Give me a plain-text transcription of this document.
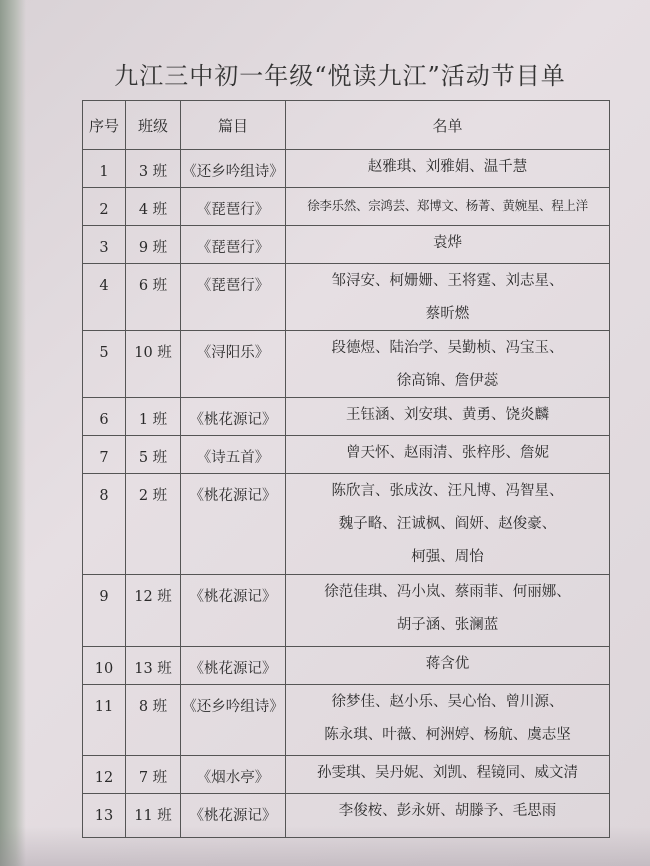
九江三中初一年级“悦读九江”活动节目单
序号	班级	篇目	名单

1	3 班	《还乡吟组诗》	赵雅琪、刘雅娟、温千慧

2	4 班	《琵琶行》	徐李乐然、宗鸿芸、郑博文、杨菁、黄婉星、程上洋

3	9 班	《琵琶行》	袁烨

4	6 班	《琵琶行》	邹浔安、柯姗姗、王将霆、刘志星、
蔡昕燃

5	10 班	《浔阳乐》	段德煜、陆治学、吴勤桢、冯宝玉、
徐高锦、詹伊蕊

6	1 班	《桃花源记》	王钰涵、刘安琪、黄勇、饶炎麟

7	5 班	《诗五首》	曾天怀、赵雨清、张梓彤、詹妮

8	2 班	《桃花源记》	陈欣言、张成汝、汪凡博、冯智星、
魏子略、汪诚枫、阎妍、赵俊豪、
柯强、周怡

9	12 班	《桃花源记》	徐范佳琪、冯小岚、蔡雨菲、何丽娜、
胡子涵、张澜蓝

10	13 班	《桃花源记》	蒋含优

11	8 班	《还乡吟组诗》	徐梦佳、赵小乐、吴心怡、曾川源、
陈永琪、叶薇、柯洲婷、杨航、虞志坚

12	7 班	《烟水亭》	孙雯琪、吴丹妮、刘凯、程镜同、威文清

13	11 班	《桃花源记》	李俊桉、彭永妍、胡滕予、毛思雨
